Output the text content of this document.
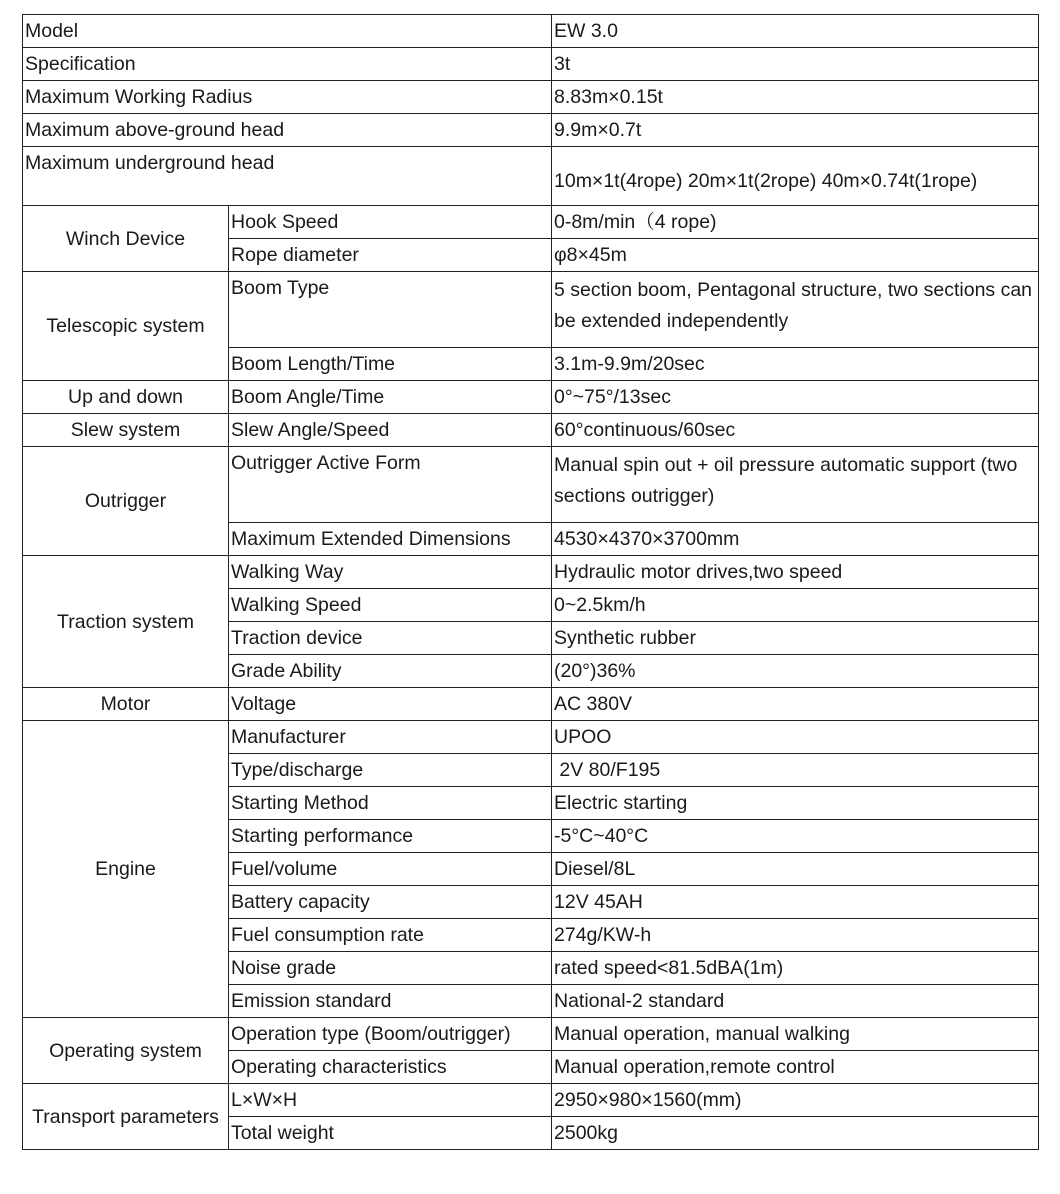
Model		EW 3.0
Specification		3t
Maximum Working Radius		8.83m×0.15t
Maximum above-ground head		9.9m×0.7t
Maximum underground head		10m×1t(4rope) 20m×1t(2rope) 40m×0.74t(1rope)
Winch Device	Hook Speed	0-8m/min（4 rope)
	Rope diameter	φ8×45m
Telescopic system	Boom Type	5 section boom, Pentagonal structure, two sections can be extended independently
	Boom Length/Time	3.1m-9.9m/20sec
Up and down	Boom Angle/Time	0°~75°/13sec
Slew system	Slew Angle/Speed	60°continuous/60sec
Outrigger	Outrigger Active Form	Manual spin out + oil pressure automatic support (two sections outrigger)
	Maximum Extended Dimensions	4530×4370×3700mm
Traction system	Walking Way	Hydraulic motor drives,two speed
	Walking Speed	0~2.5km/h
	Traction device	Synthetic rubber
	Grade Ability	(20°)36%
Motor	Voltage	AC 380V
Engine	Manufacturer	UPOO
	Type/discharge	2V 80/F195
	Starting Method	Electric starting
	Starting performance	-5°C~40°C
	Fuel/volume	Diesel/8L
	Battery capacity	12V 45AH
	Fuel consumption rate	274g/KW-h
	Noise grade	rated speed<81.5dBA(1m)
	Emission standard	National-2 standard
Operating system	Operation type (Boom/outrigger)	Manual operation, manual walking
	Operating characteristics	Manual operation,remote control
Transport parameters	L×W×H	2950×980×1560(mm)
	Total weight	2500kg
